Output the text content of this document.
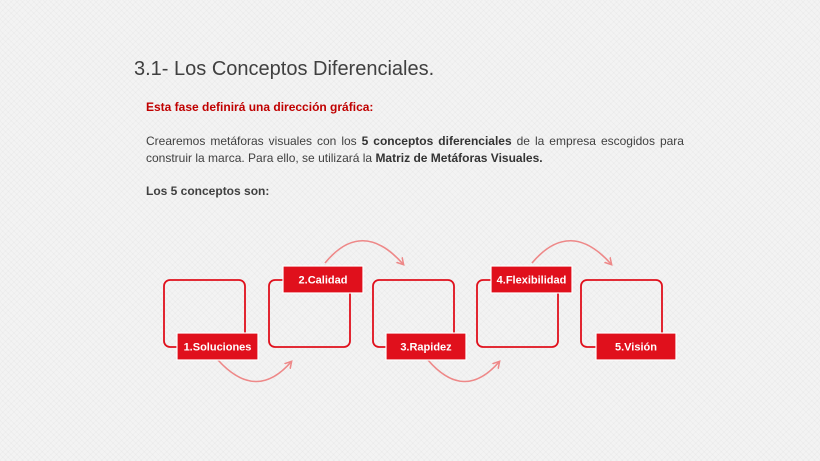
3.1- Los Conceptos Diferenciales.

Esta fase definirá una dirección gráfica:

Crearemos metáforas visuales con los 5 conceptos diferenciales de la empresa escogidos para construir la marca. Para ello, se utilizará la Matriz de Metáforas Visuales.

Los 5 conceptos son:

1.Soluciones
2.Calidad
3.Rapidez
4.Flexibilidad
5.Visión
